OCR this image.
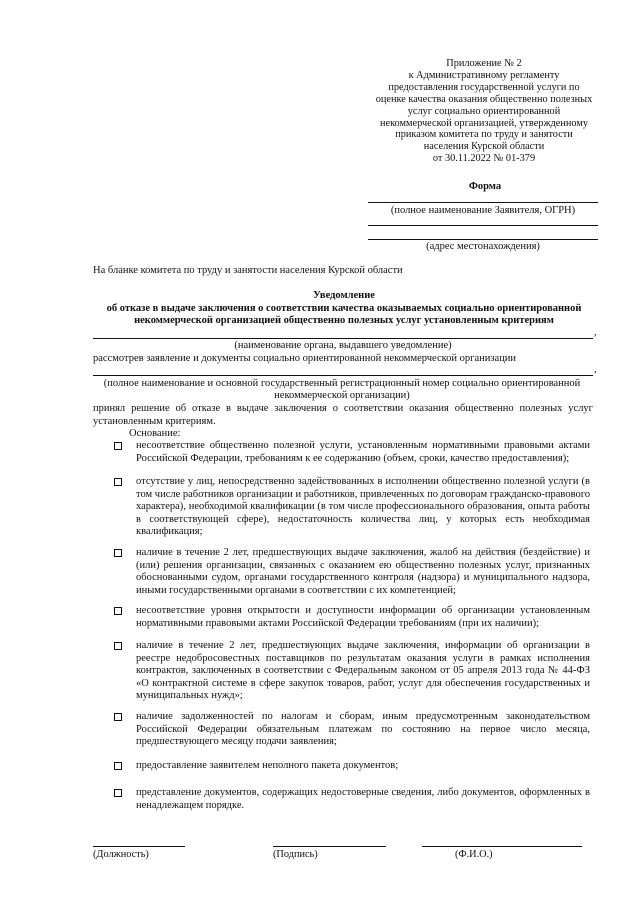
Приложение № 2
к Административному регламенту
предоставления государственной услуги по
оценке качества оказания общественно полезных
услуг социально ориентированной
некоммерческой организацией, утвержденному
приказом комитета по труду и занятости
населения Курской области
от 30.11.2022 № 01-379
Форма
(полное наименование Заявителя, ОГРН)
(адрес местонахождения)
На бланке комитета по труду и занятости населения Курской области
Уведомление
об отказе в выдаче заключения о соответствии качества оказываемых социально ориентированной
некоммерческой организацией общественно полезных услуг установленным критериям
,
(наименование органа, выдавшего уведомление)
рассмотрев заявление и документы социально ориентированной некоммерческой организации
,
(полное наименование и основной государственный регистрационный номер социально ориентированной
некоммерческой организации)
принял решение об отказе в выдаче заключения о соответствии оказания общественно полезных услуг установленным критериям.
Основание:
несоответствие общественно полезной услуги, установленным нормативными правовыми актами Российской Федерации, требованиям к ее содержанию (объем, сроки, качество предоставления);
отсутствие у лиц, непосредственно задействованных в исполнении общественно полезной услуги (в том числе работников организации и работников, привлеченных по договорам гражданско-правового характера), необходимой квалификации (в том числе профессионального образования, опыта работы в соответствующей сфере), недостаточность количества лиц, у которых есть необходимая квалификация;
наличие в течение 2 лет, предшествующих выдаче заключения, жалоб на действия (бездействие) и (или) решения организации, связанных с оказанием ею общественно полезных услуг, признанных обоснованными судом, органами государственного контроля (надзора) и муниципального надзора, иными государственными органами в соответствии с их компетенцией;
несоответствие уровня открытости и доступности информации об организации установленным нормативными правовыми актами Российской Федерации требованиям (при их наличии);
наличие в течение 2 лет, предшествующих выдаче заключения, информации об организации в реестре недобросовестных поставщиков по результатам оказания услуги в рамках исполнения контрактов, заключенных в соответствии с Федеральным законом от 05 апреля 2013 года № 44-ФЗ «О контрактной системе в сфере закупок товаров, работ, услуг для обеспечения государственных и муниципальных нужд»;
наличие задолженностей по налогам и сборам, иным предусмотренным законодательством Российской Федерации обязательным платежам по состоянию на первое число месяца, предшествующего месяцу подачи заявления;
предоставление заявителем неполного пакета документов;
представление документов, содержащих недостоверные сведения, либо документов, оформленных в ненадлежащем порядке.
(Должность)	(Подпись)	(Ф.И.О.)
